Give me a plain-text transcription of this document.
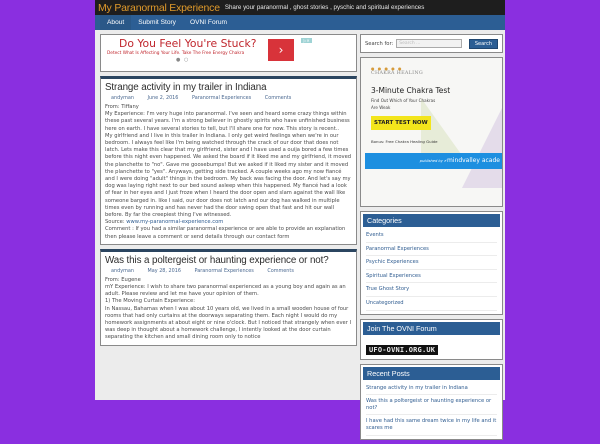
My Paranormal Experience Share your paranormal , ghost stories , pyschic and spiritual experiences
About	Submit Story	OVNI Forum
Do You Feel You're Stuck?
Detect What Is Affecting Your Life. Take The Free Energy Chakra
● ○
›
▷✕
Strange activity in my trailer in Indiana
andyman	June 2, 2016	Paranormal Experiences	Comments

From: Tiffany

My Experience: I'm very huge into paranormal. I've seen and heard some crazy things within these past several years. I'm a strong believer in ghostly spirits who have unfinished business here on earth. I have several stories to tell, but I'll share one for now. This story is recent..

My girlfriend and I live in this trailer in Indiana. I only get weird feelings when we're in our bedroom. I always feel like I'm being watched through the crack of our door that does not latch. Lets make this clear that my girlfriend, sister and I have used a ouija bored a few times before this night even happened. We asked the board if it liked me and my girlfriend, it moved the planchette to "no". Gave me goosebumps! But we asked if it liked my sister and it moved the planchette to "yes". Anyways, getting side tracked. A couple weeks ago my now fiancé and I were doing "adult" things in the bedroom. My back was facing the door. And let's say my dog was laying right next to our bed sound asleep when this happened. My fiancé had a look of fear in her eyes and I just froze when I heard the door open and slam against the wall like someone barged in. like I said, our door does not latch and our dog has walked in multiple times even by running and has never had the door swing open that fast and hit our wall before. By far the creepiest thing I've witnessed.

Source: www.my-paranormal-experience.com

Comment : If you had a similar paranormal experience or are able to provide an explanation then please leave a comment or send details through our contact form

Was this a poltergeist or haunting experience or not?
andyman	May 28, 2016	Paranormal Experiences	Comments

From: Eugene

mY Experience: I wish to share two paranormal experienced as a young boy and again as an adult. Please review and let me have your opinion of them.

1) The Moving Curtain Experience:

In Nassau, Bahamas when I was about 10 years old, we lived in a small wooden house of four rooms that had only curtains at the doorways separating them. Each night I would do my homework assignments at about eight or nine o'clock. But I noticed that strangely when ever I was deep in thought about a homework challenge, I intently looked at the door curtain separating the kitchen and small dining room only to notice

Search for:	Search ...	Search
● ● ● ● ●
CHAKRA HEALING
3-Minute Chakra Test
Find Out Which of Your Chakras Are Weak
START TEST NOW
Bonus: Free Chakra Healing Guide
published by ✔mindvalley acade
Categories
Events
Paranormal Experiences
Psychic Experiences
Spiritual Experiences
True Ghost Story
Uncategorized
Join The OVNI Forum
UFO-OVNI.ORG.UK
Recent Posts
Strange activity in my trailer in Indiana
Was this a poltergeist or haunting experience or not?
I have had this same dream twice in my life and it scares me
